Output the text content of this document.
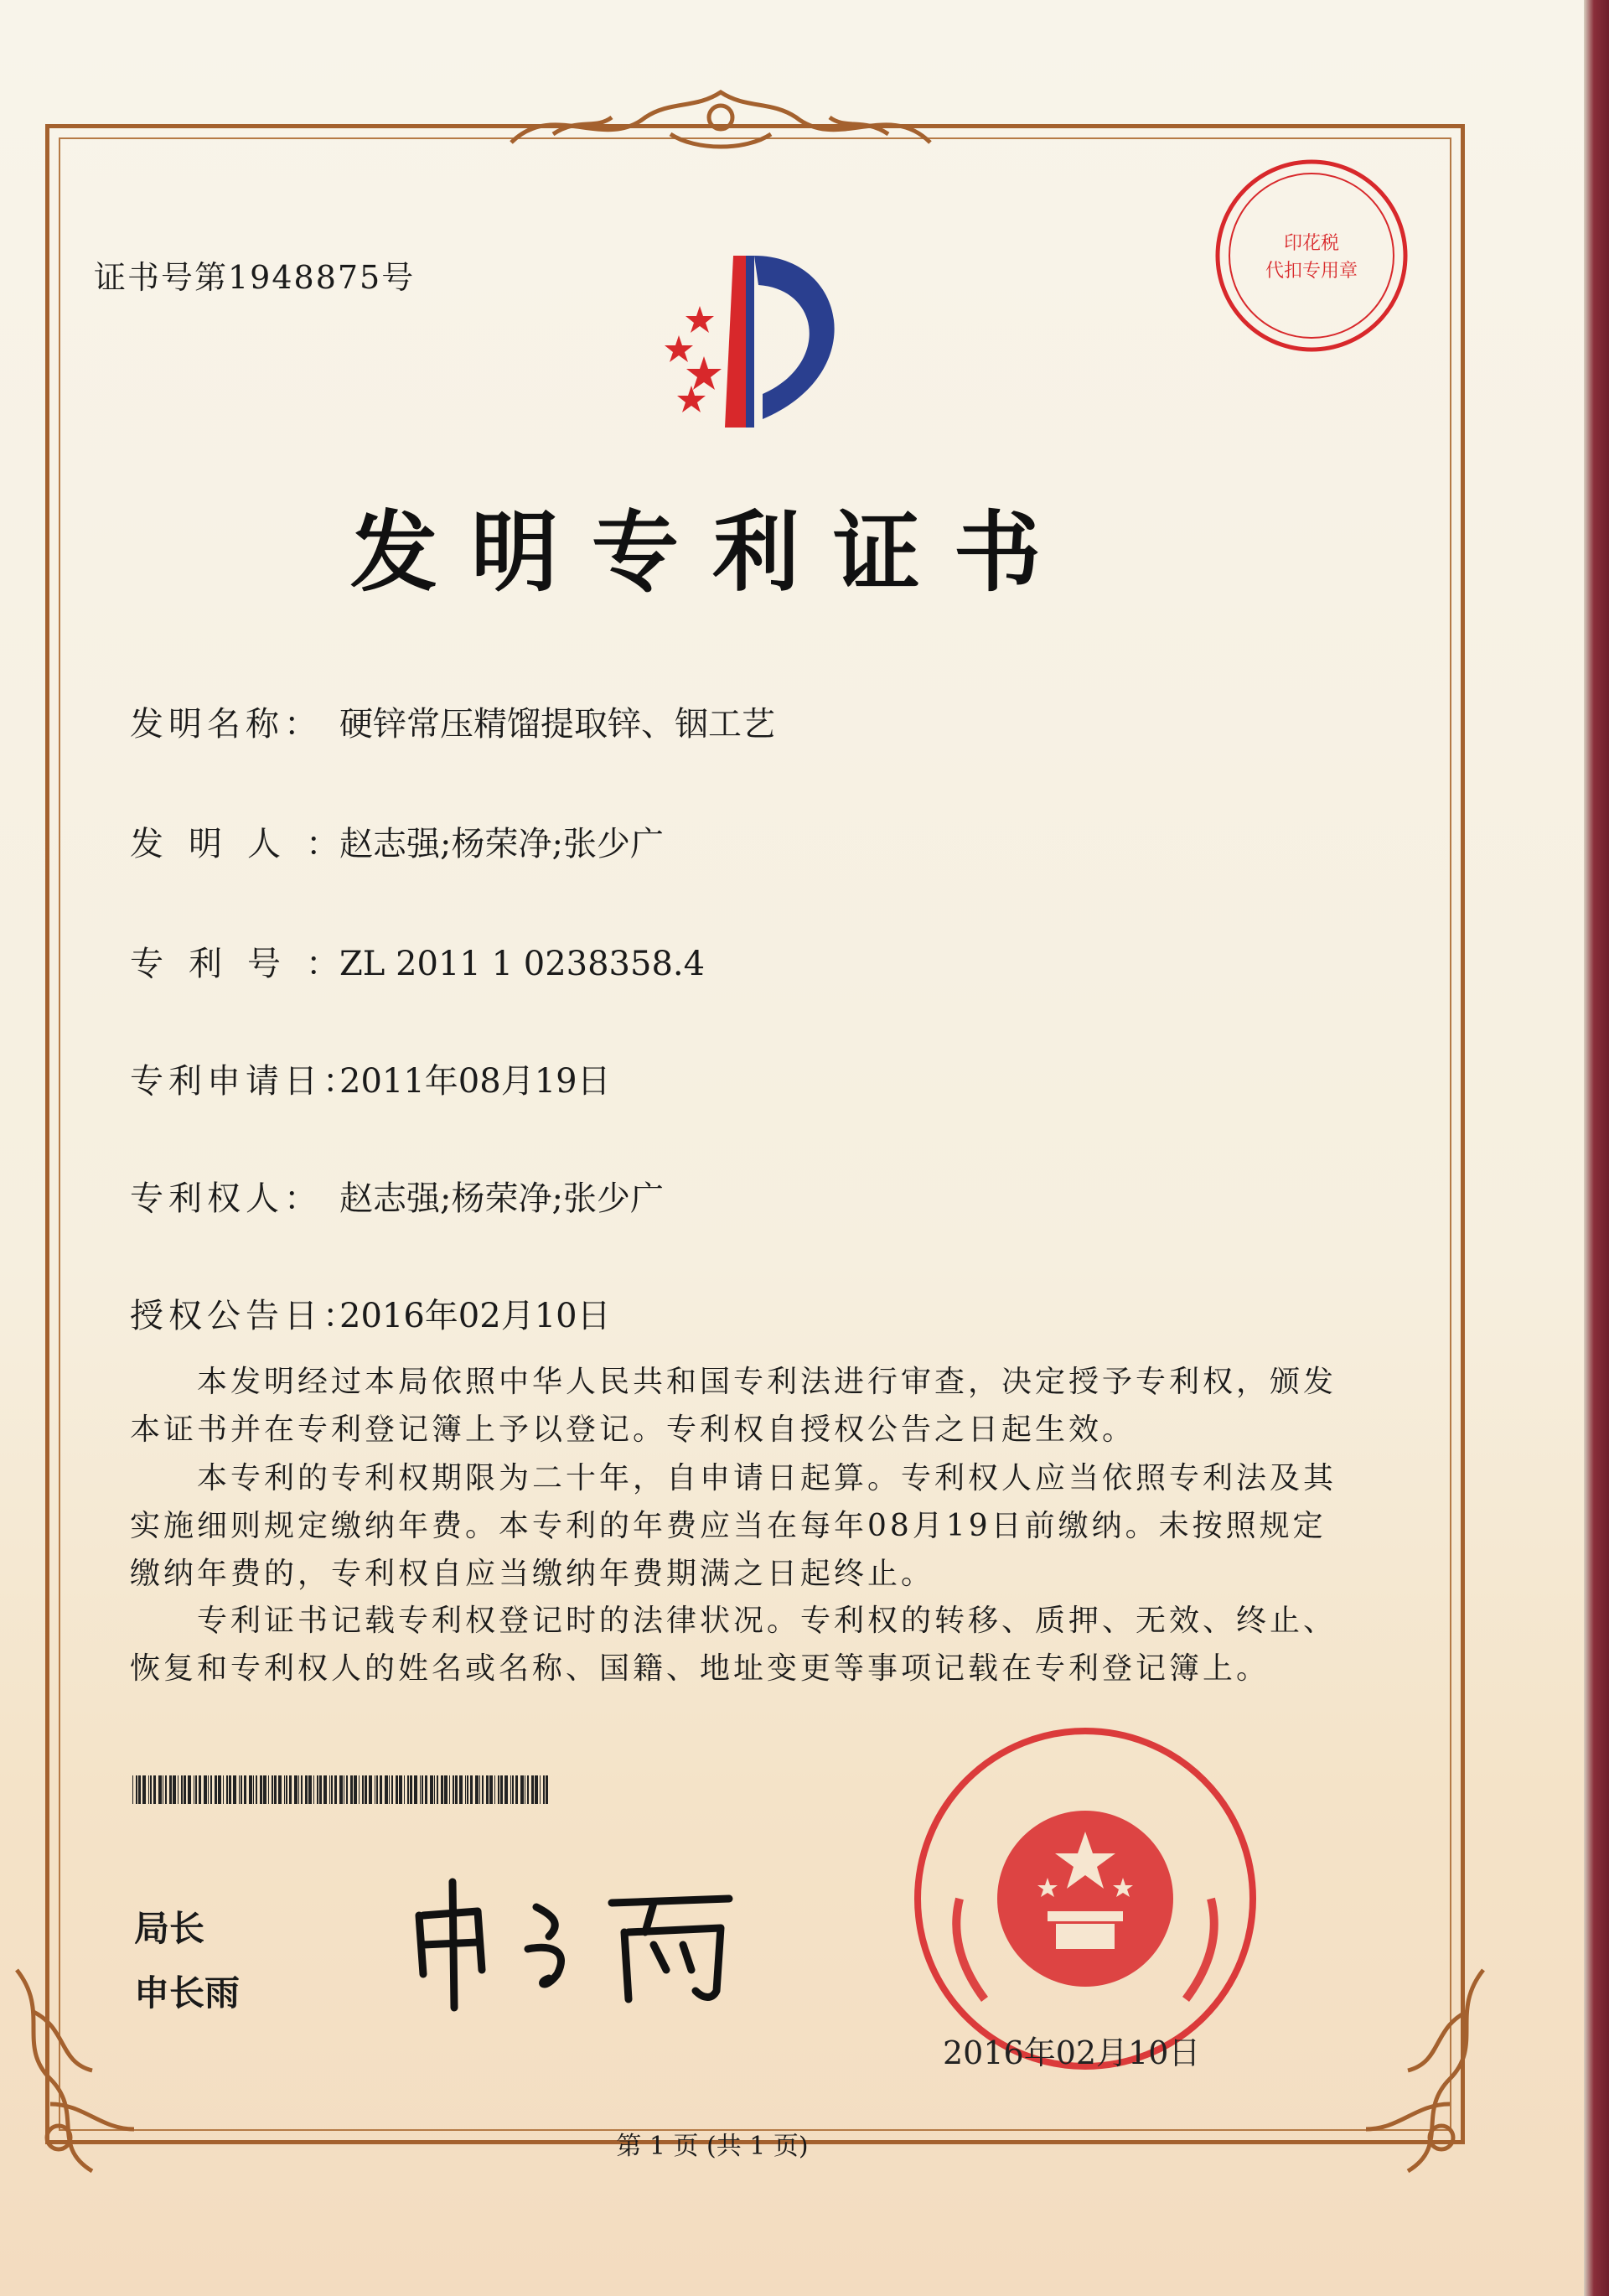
证书号第1948875号
发明专利证书
发明名称： 硬锌常压精馏提取锌、铟工艺
发明人：赵志强;杨荣净;张少广
专利号：ZL 2011 1 0238358.4
专利申请日：2011年08月19日
专利权人： 赵志强;杨荣净;张少广
授权公告日：2016年02月10日
本发明经过本局依照中华人民共和国专利法进行审查，决定授予专利权，颁发本证书并在专利登记簿上予以登记。专利权自授权公告之日起生效。
本专利的专利权期限为二十年，自申请日起算。专利权人应当依照专利法及其实施细则规定缴纳年费。本专利的年费应当在每年08月19日前缴纳。未按照规定缴纳年费的，专利权自应当缴纳年费期满之日起终止。
专利证书记载专利权登记时的法律状况。专利权的转移、质押、无效、终止、恢复和专利权人的姓名或名称、国籍、地址变更等事项记载在专利登记簿上。
局长
申长雨
印花税
代扣专用章
2016年02月10日
第 1 页 (共 1 页)
